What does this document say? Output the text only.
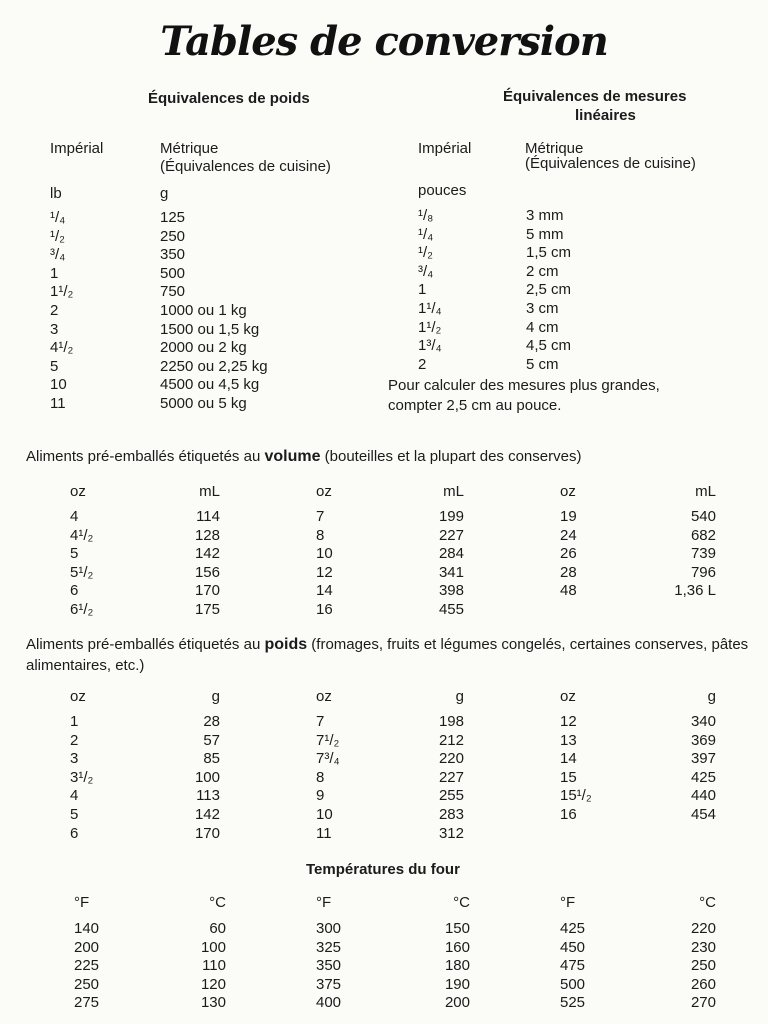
Tables de conversion
Équivalences de poids
Impérial	Métrique
(Équivalences de cuisine)
lb	g
¹/₄	125
¹/₂	250
³/₄	350
1	500
1¹/₂	750
2	1000 ou 1 kg
3	1500 ou 1,5 kg
4¹/₂	2000 ou 2 kg
5	2250 ou 2,25 kg
10	4500 ou 4,5 kg
11	5000 ou 5 kg
Équivalences de mesures
linéaires
Impérial	Métrique
(Équivalences de cuisine)
pouces
¹/₈	3 mm
¹/₄	5 mm
¹/₂	1,5 cm
³/₄	2 cm
1	2,5 cm
1¹/₄	3 cm
1¹/₂	4 cm
1³/₄	4,5 cm
2	5 cm
Pour calculer des mesures plus grandes, compter 2,5 cm au pouce.
Aliments pré-emballés étiquetés au volume (bouteilles et la plupart des conserves)
oz	mL	oz	mL	oz	mL
4	114	7	199	19	540
4¹/₂	128	8	227	24	682
5	142	10	284	26	739
5¹/₂	156	12	341	28	796
6	170	14	398	48	1,36 L
6¹/₂	175	16	455
Aliments pré-emballés étiquetés au poids (fromages, fruits et légumes congelés, certaines conserves, pâtes alimentaires, etc.)
oz	g	oz	g	oz	g
1	28	7	198	12	340
2	57	7¹/₂	212	13	369
3	85	7³/₄	220	14	397
3¹/₂	100	8	227	15	425
4	113	9	255	15¹/₂	440
5	142	10	283	16	454
6	170	11	312
Températures du four
°F	°C	°F	°C	°F	°C
140	60	300	150	425	220
200	100	325	160	450	230
225	110	350	180	475	250
250	120	375	190	500	260
275	130	400	200	525	270
